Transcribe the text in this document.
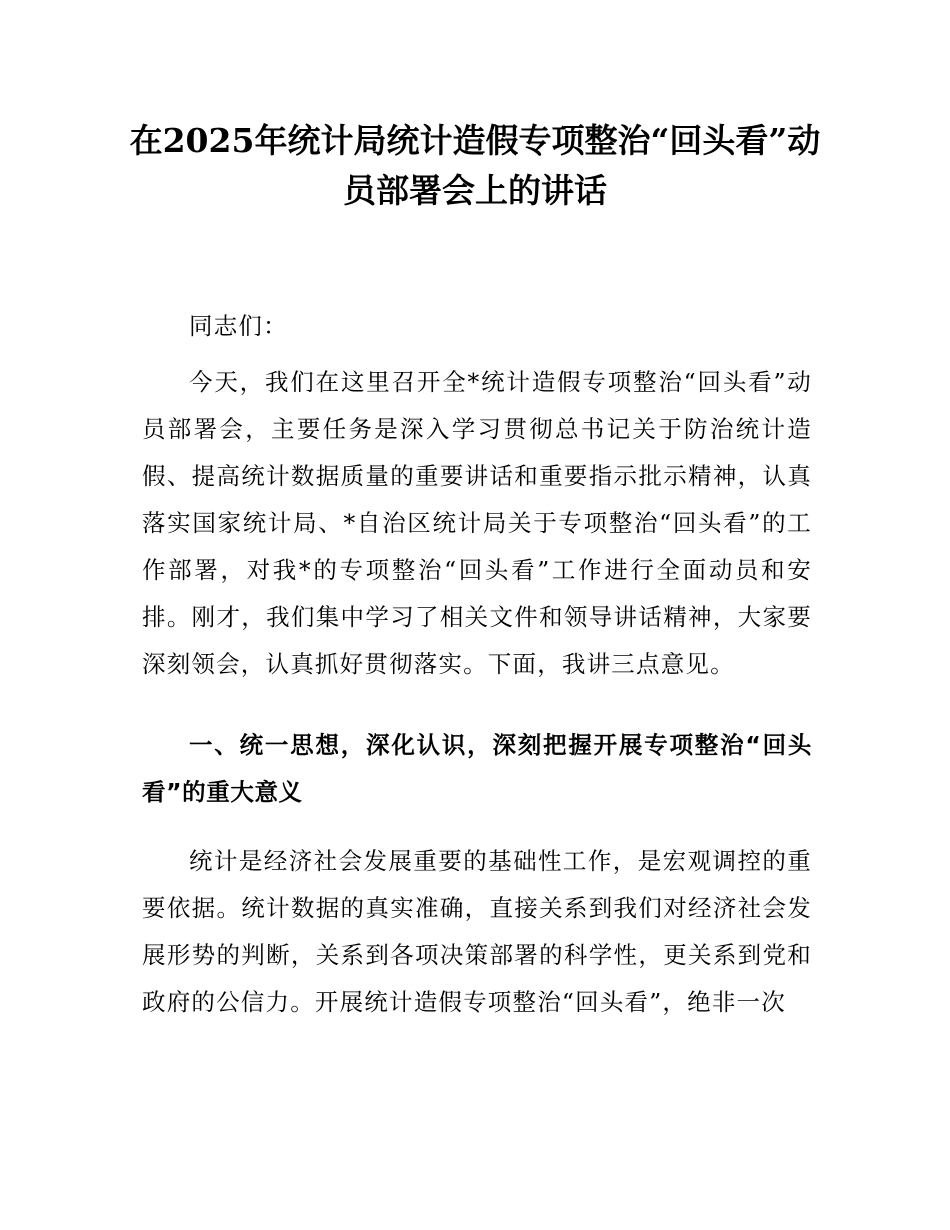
在2025年统计局统计造假专项整治“回头看”动员部署会上的讲话

同志们：

今天，我们在这里召开全*统计造假专项整治“回头看”动员部署会，主要任务是深入学习贯彻总书记关于防治统计造假、提高统计数据质量的重要讲话和重要指示批示精神，认真落实国家统计局、*自治区统计局关于专项整治“回头看”的工作部署，对我*的专项整治“回头看”工作进行全面动员和安排。刚才，我们集中学习了相关文件和领导讲话精神，大家要深刻领会，认真抓好贯彻落实。下面，我讲三点意见。

一、统一思想，深化认识，深刻把握开展专项整治“回头看”的重大意义

统计是经济社会发展重要的基础性工作，是宏观调控的重要依据。统计数据的真实准确，直接关系到我们对经济社会发展形势的判断，关系到各项决策部署的科学性，更关系到党和政府的公信力。开展统计造假专项整治“回头看”，绝非一次
